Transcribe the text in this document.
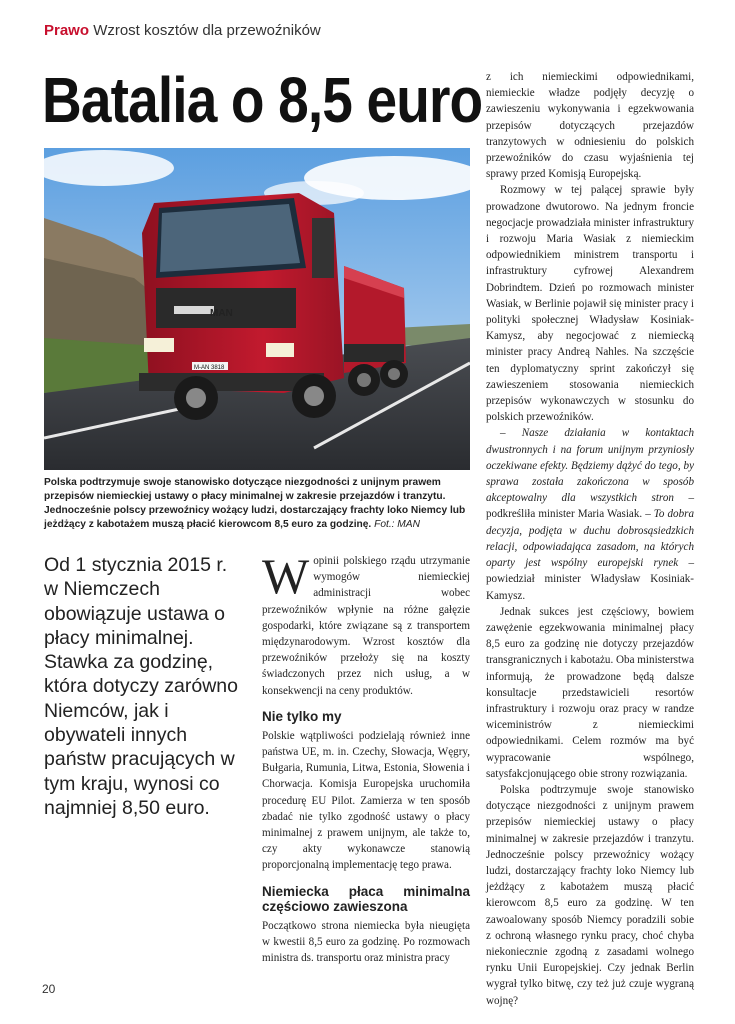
Prawo Wzrost kosztów dla przewoźników
Batalia o 8,5 euro
MAN
M-AN 3818
Polska podtrzymuje swoje stanowisko dotyczące niezgodności z unijnym prawem przepisów niemieckiej ustawy o płacy minimalnej w zakresie przejazdów i tranzytu. Jednocześnie polscy przewoźnicy wożący ludzi, dostarczający frachty loko Niemcy lub jeżdżący z kabotażem muszą płacić kierowcom 8,5 euro za godzinę. Fot.: MAN
Od 1 stycznia 2015 r. w Niemczech obowiązuje ustawa o płacy minimalnej. Stawka za godzinę, która dotyczy zarówno Niemców, jak i obywateli innych państw pracujących w tym kraju, wynosi co najmniej 8,50 euro.

Wopinii polskiego rządu utrzymanie wymogów niemieckiej administracji wobec przewoźników wpłynie na różne gałęzie gospodarki, które związane są z transportem międzynarodowym. Wzrost kosztów dla przewoźników przełoży się na koszty świadczonych przez nich usług, a w konsekwencji na ceny produktów.

Nie tylko my

Polskie wątpliwości podzielają również inne państwa UE, m. in. Czechy, Słowacja, Węgry, Bułgaria, Rumunia, Litwa, Estonia, Słowenia i Chorwacja. Komisja Europejska uruchomiła procedurę EU Pilot. Zamierza w ten sposób zbadać nie tylko zgodność ustawy o płacy minimalnej z prawem unijnym, ale także to, czy akty wykonawcze stanowią proporcjonalną implementację tego prawa.

Niemiecka płaca minimalna częściowo zawieszona

Początkowo strona niemiecka była nieugięta w kwestii 8,5 euro za godzinę. Po rozmowach ministra ds. transportu oraz ministra pracy

z ich niemieckimi odpowiednikami, niemieckie władze podjęły decyzję o zawieszeniu wykonywania i egzekwowania przepisów dotyczących przejazdów tranzytowych w odniesieniu do polskich przewoźników do czasu wyjaśnienia tej sprawy przed Komisją Europejską.

Rozmowy w tej palącej sprawie były prowadzone dwutorowo. Na jednym froncie negocjacje prowadziała minister infrastruktury i rozwoju Maria Wasiak z niemieckim odpowiednikiem ministrem transportu i infrastruktury cyfrowej Alexandrem Dobrindtem. Dzień po rozmowach minister Wasiak, w Berlinie pojawił się minister pracy i polityki społecznej Władysław Kosiniak-Kamysz, aby negocjować z niemiecką minister pracy Andreą Nahles. Na szczęście ten dyplomatyczny sprint zakończył się zawieszeniem stosowania niemieckich przepisów wykonawczych w stosunku do polskich przewoźników.

– Nasze działania w kontaktach dwustronnych i na forum unijnym przyniosły oczekiwane efekty. Będziemy dążyć do tego, by sprawa została zakończona w sposób akceptowalny dla wszystkich stron – podkreśliła minister Maria Wasiak. – To dobra decyzja, podjęta w duchu dobrosąsiedzkich relacji, odpowiadająca zasadom, na których oparty jest wspólny europejski rynek – powiedział minister Władysław Kosiniak-Kamysz.

Jednak sukces jest częściowy, bowiem zawężenie egzekwowania minimalnej płacy 8,5 euro za godzinę nie dotyczy przejazdów transgranicznych i kabotażu. Oba ministerstwa informują, że prowadzone będą dalsze konsultacje przedstawicieli resortów infrastruktury i rozwoju oraz pracy w randze wiceministrów z niemieckimi odpowiednikami. Celem rozmów ma być wypracowanie wspólnego, satysfakcjonującego obie strony rozwiązania.

Polska podtrzymuje swoje stanowisko dotyczące niezgodności z unijnym prawem przepisów niemieckiej ustawy o płacy minimalnej w zakresie przejazdów i tranzytu. Jednocześnie polscy przewoźnicy wożący ludzi, dostarczający frachty loko Niemcy lub jeżdżący z kabotażem muszą płacić kierowcom 8,5 euro za godzinę. W ten zawoalowany sposób Niemcy poradzili sobie z ochroną własnego rynku pracy, choć chyba niekoniecznie zgodną z zasadami wolnego rynku Unii Europejskiej. Czy jednak Berlin wygrał tylko bitwę, czy też już czuje wygraną wojnę?

20
